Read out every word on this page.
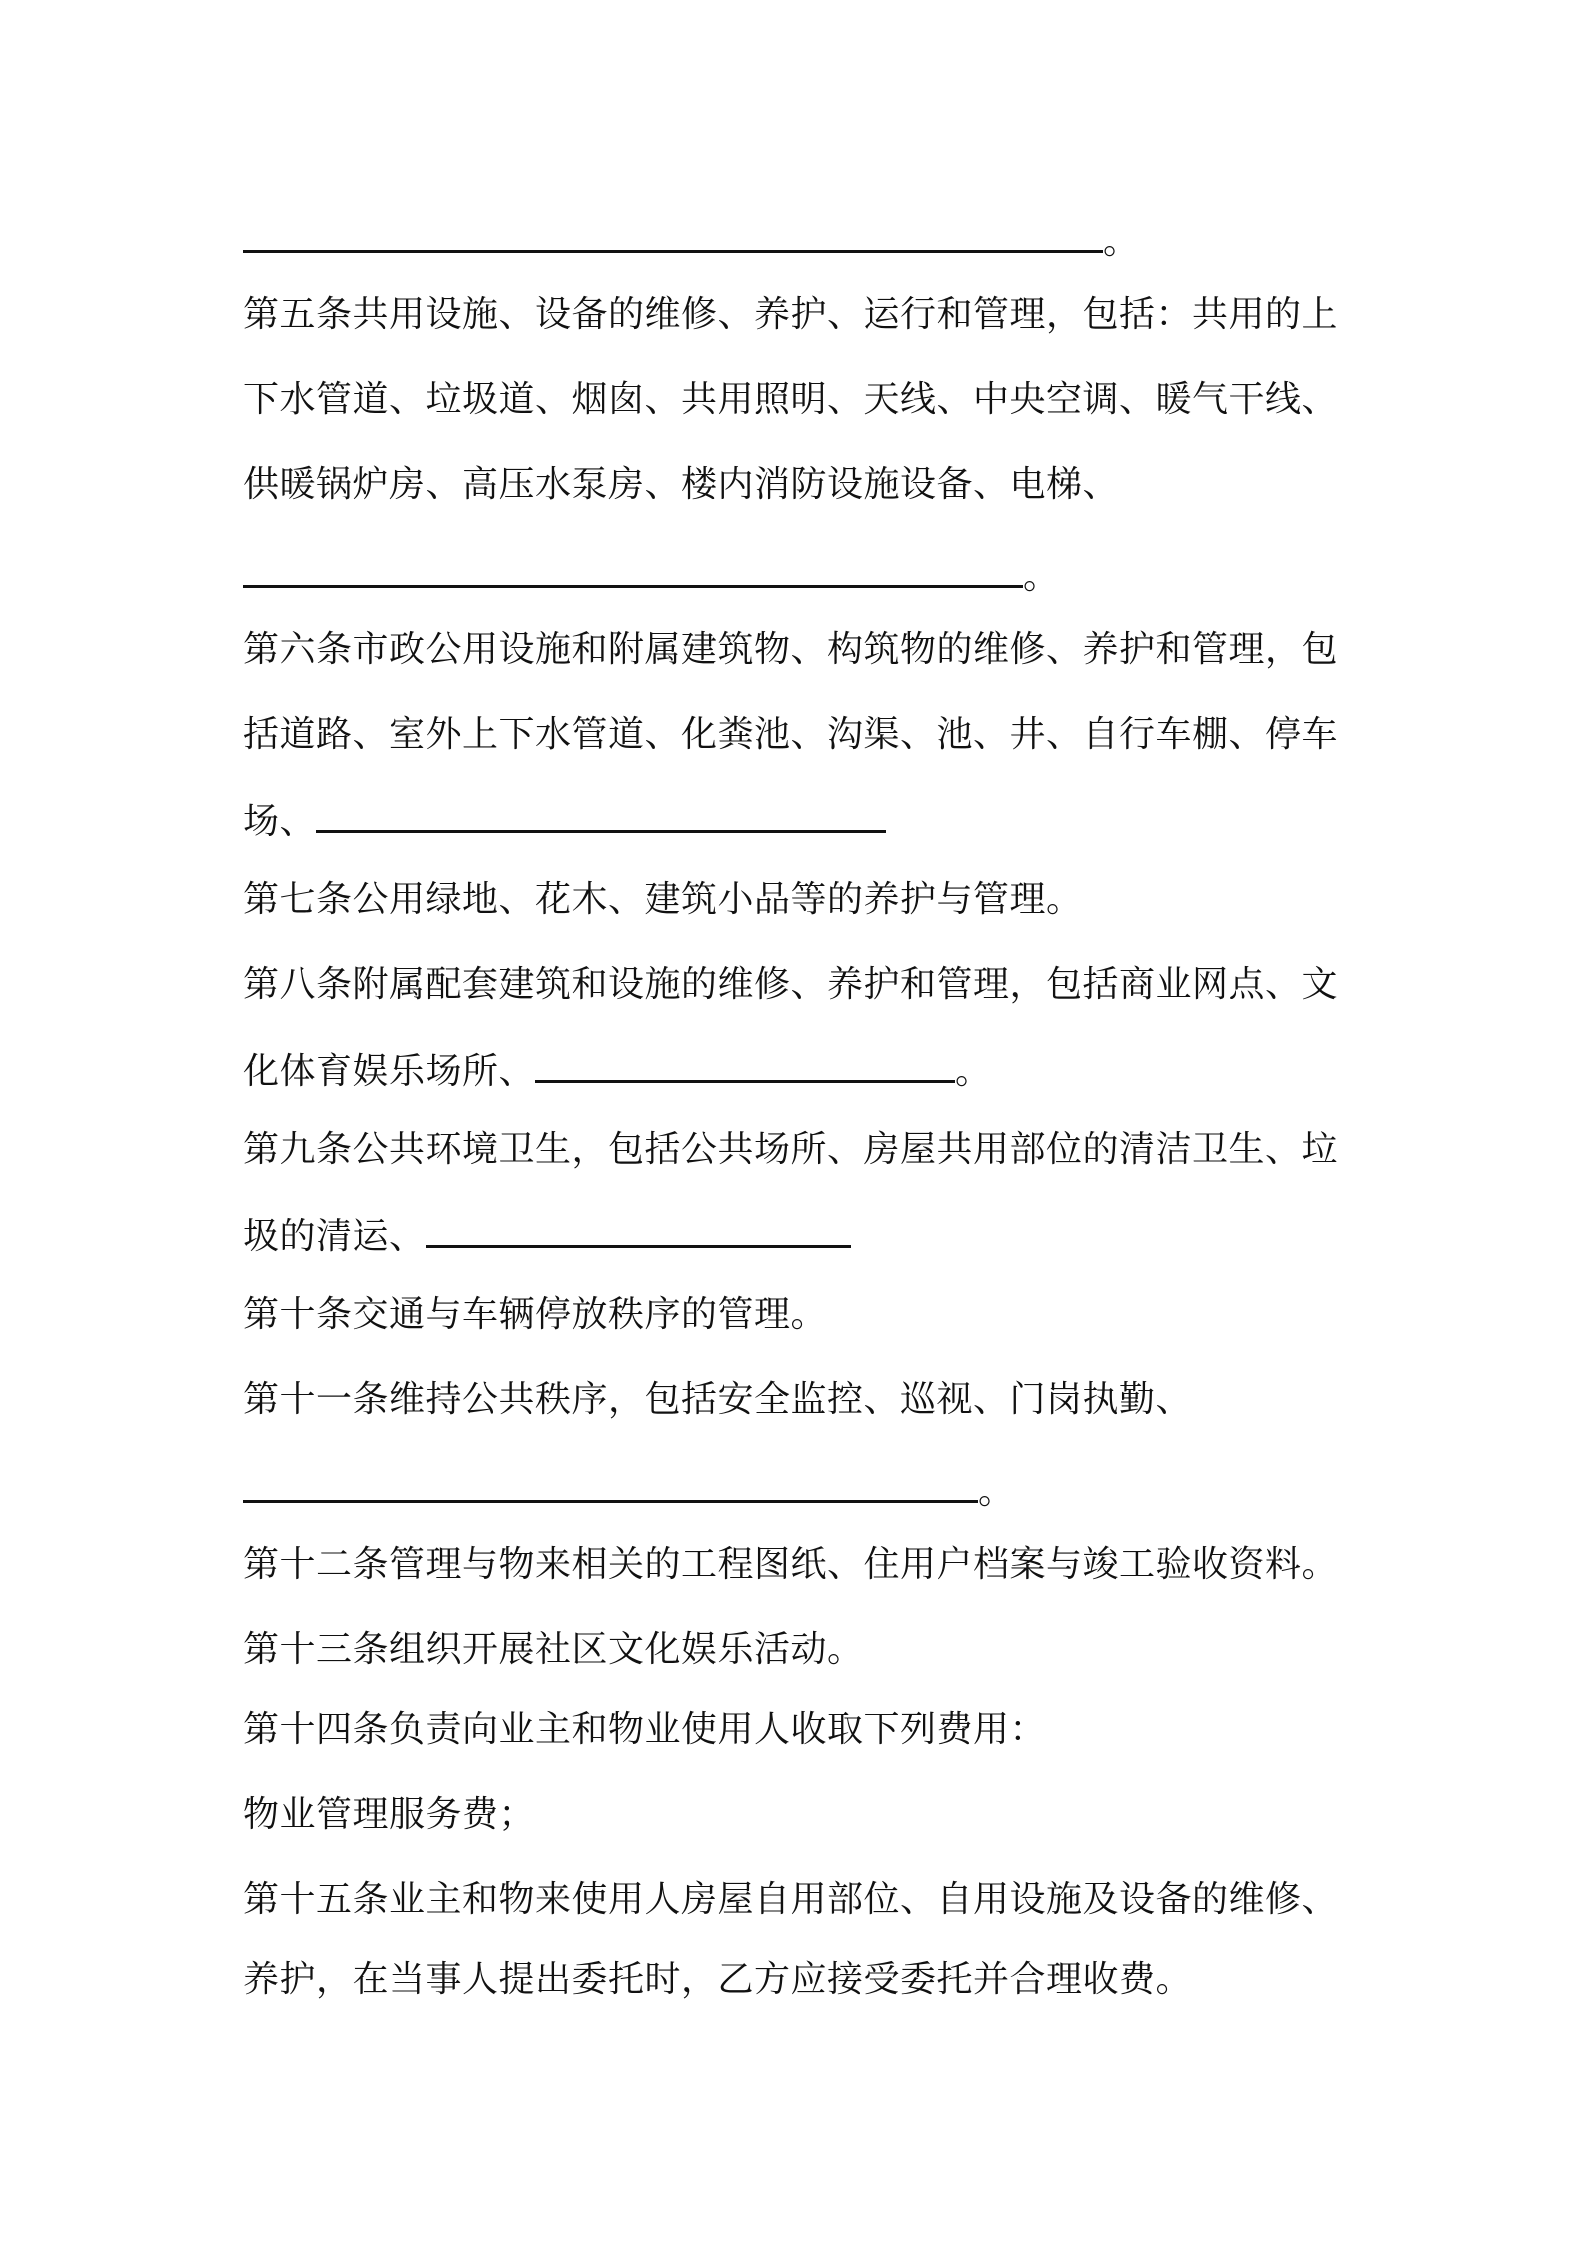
。
第五条共用设施、设备的维修、养护、运行和管理，包括：共用的上
下水管道、垃圾道、烟囱、共用照明、天线、中央空调、暖气干线、
供暖锅炉房、高压水泵房、楼内消防设施设备、电梯、
。
第六条市政公用设施和附属建筑物、构筑物的维修、养护和管理，包
括道路、室外上下水管道、化粪池、沟渠、池、井、自行车棚、停车
场、
第七条公用绿地、花木、建筑小品等的养护与管理。
第八条附属配套建筑和设施的维修、养护和管理，包括商业网点、文
化体育娱乐场所、	。
第九条公共环境卫生，包括公共场所、房屋共用部位的清洁卫生、垃
圾的清运、
第十条交通与车辆停放秩序的管理。
第十一条维持公共秩序，包括安全监控、巡视、门岗执勤、
。
第十二条管理与物来相关的工程图纸、住用户档案与竣工验收资料。
第十三条组织开展社区文化娱乐活动。
第十四条负责向业主和物业使用人收取下列费用：
物业管理服务费；
第十五条业主和物来使用人房屋自用部位、自用设施及设备的维修、
养护，在当事人提出委托时，乙方应接受委托并合理收费。
